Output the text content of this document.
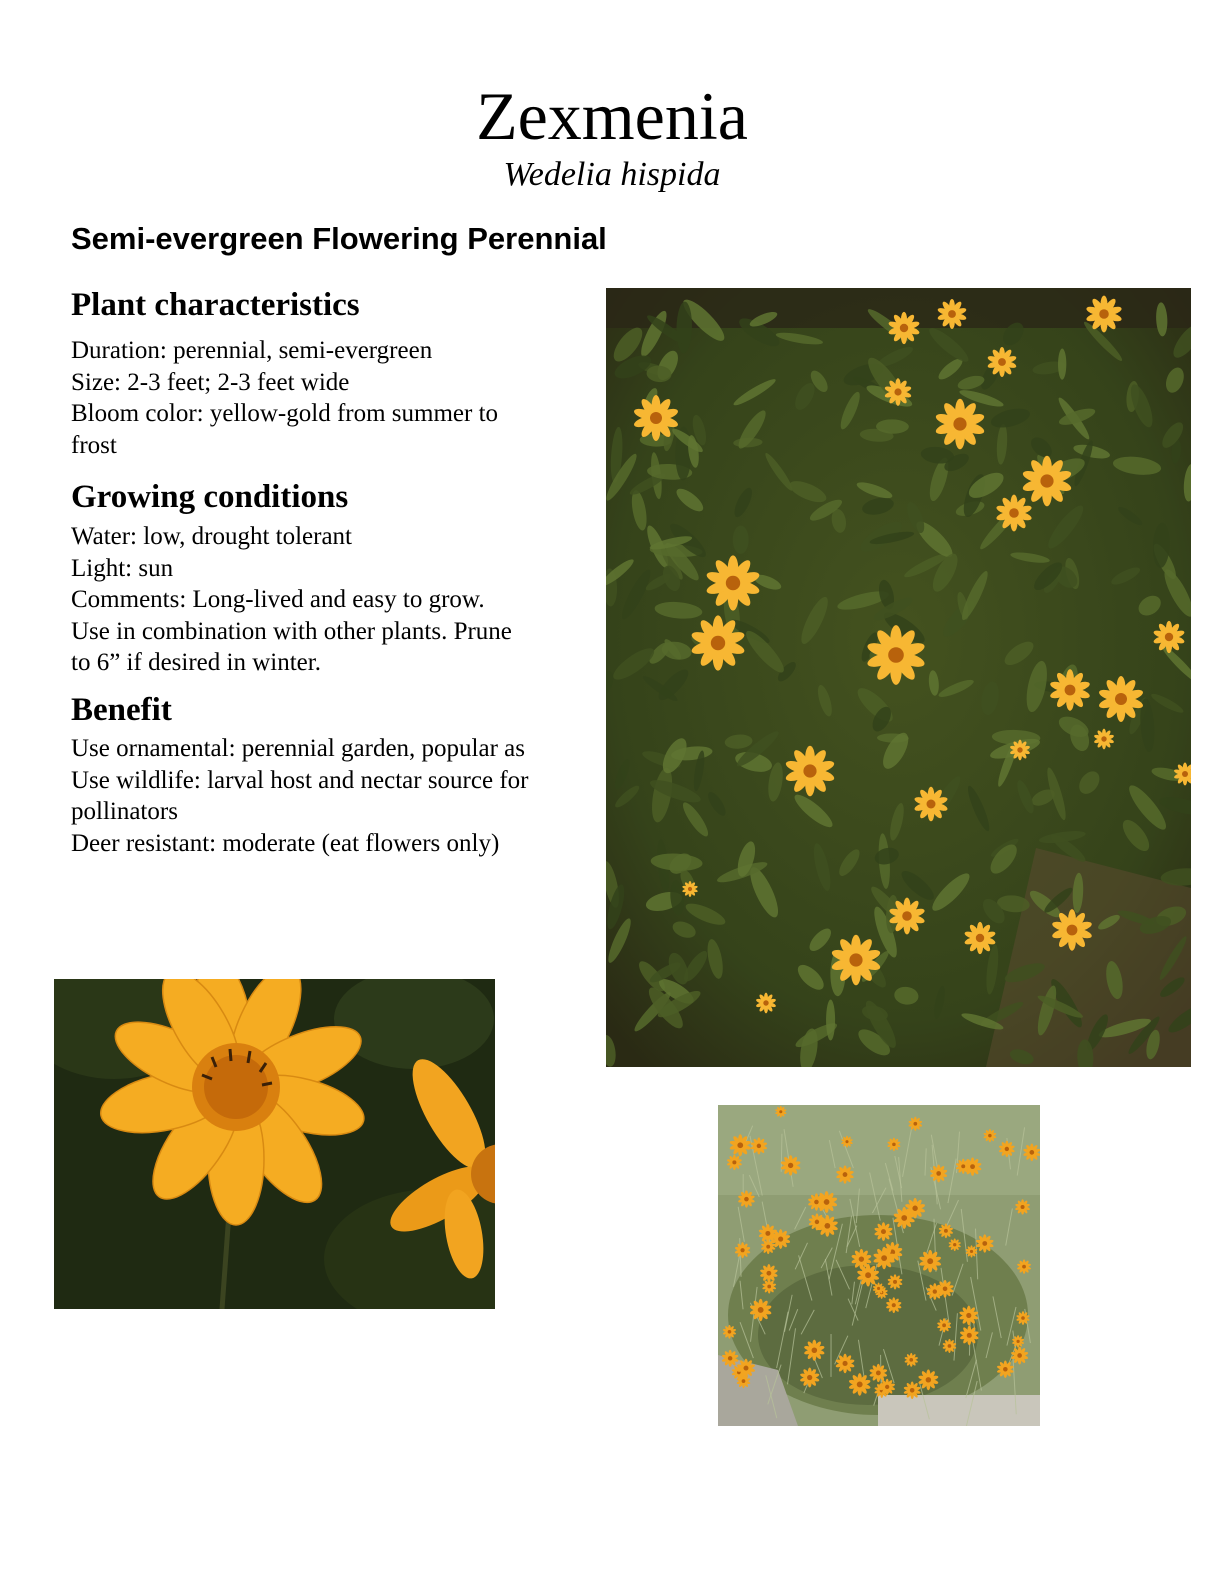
Zexmenia
Wedelia hispida
Semi-evergreen Flowering Perennial
Plant characteristics
Duration: perennial, semi-evergreen
Size: 2-3 feet; 2-3 feet wide
Bloom color: yellow-gold from summer to
frost
Growing conditions
Water: low, drought tolerant
Light: sun
Comments: Long-lived and easy to grow.
Use in combination with other plants. Prune
to 6” if desired in winter.
Benefit
Use ornamental: perennial garden, popular as
Use wildlife: larval host and nectar source for
pollinators
Deer resistant: moderate (eat flowers only)
